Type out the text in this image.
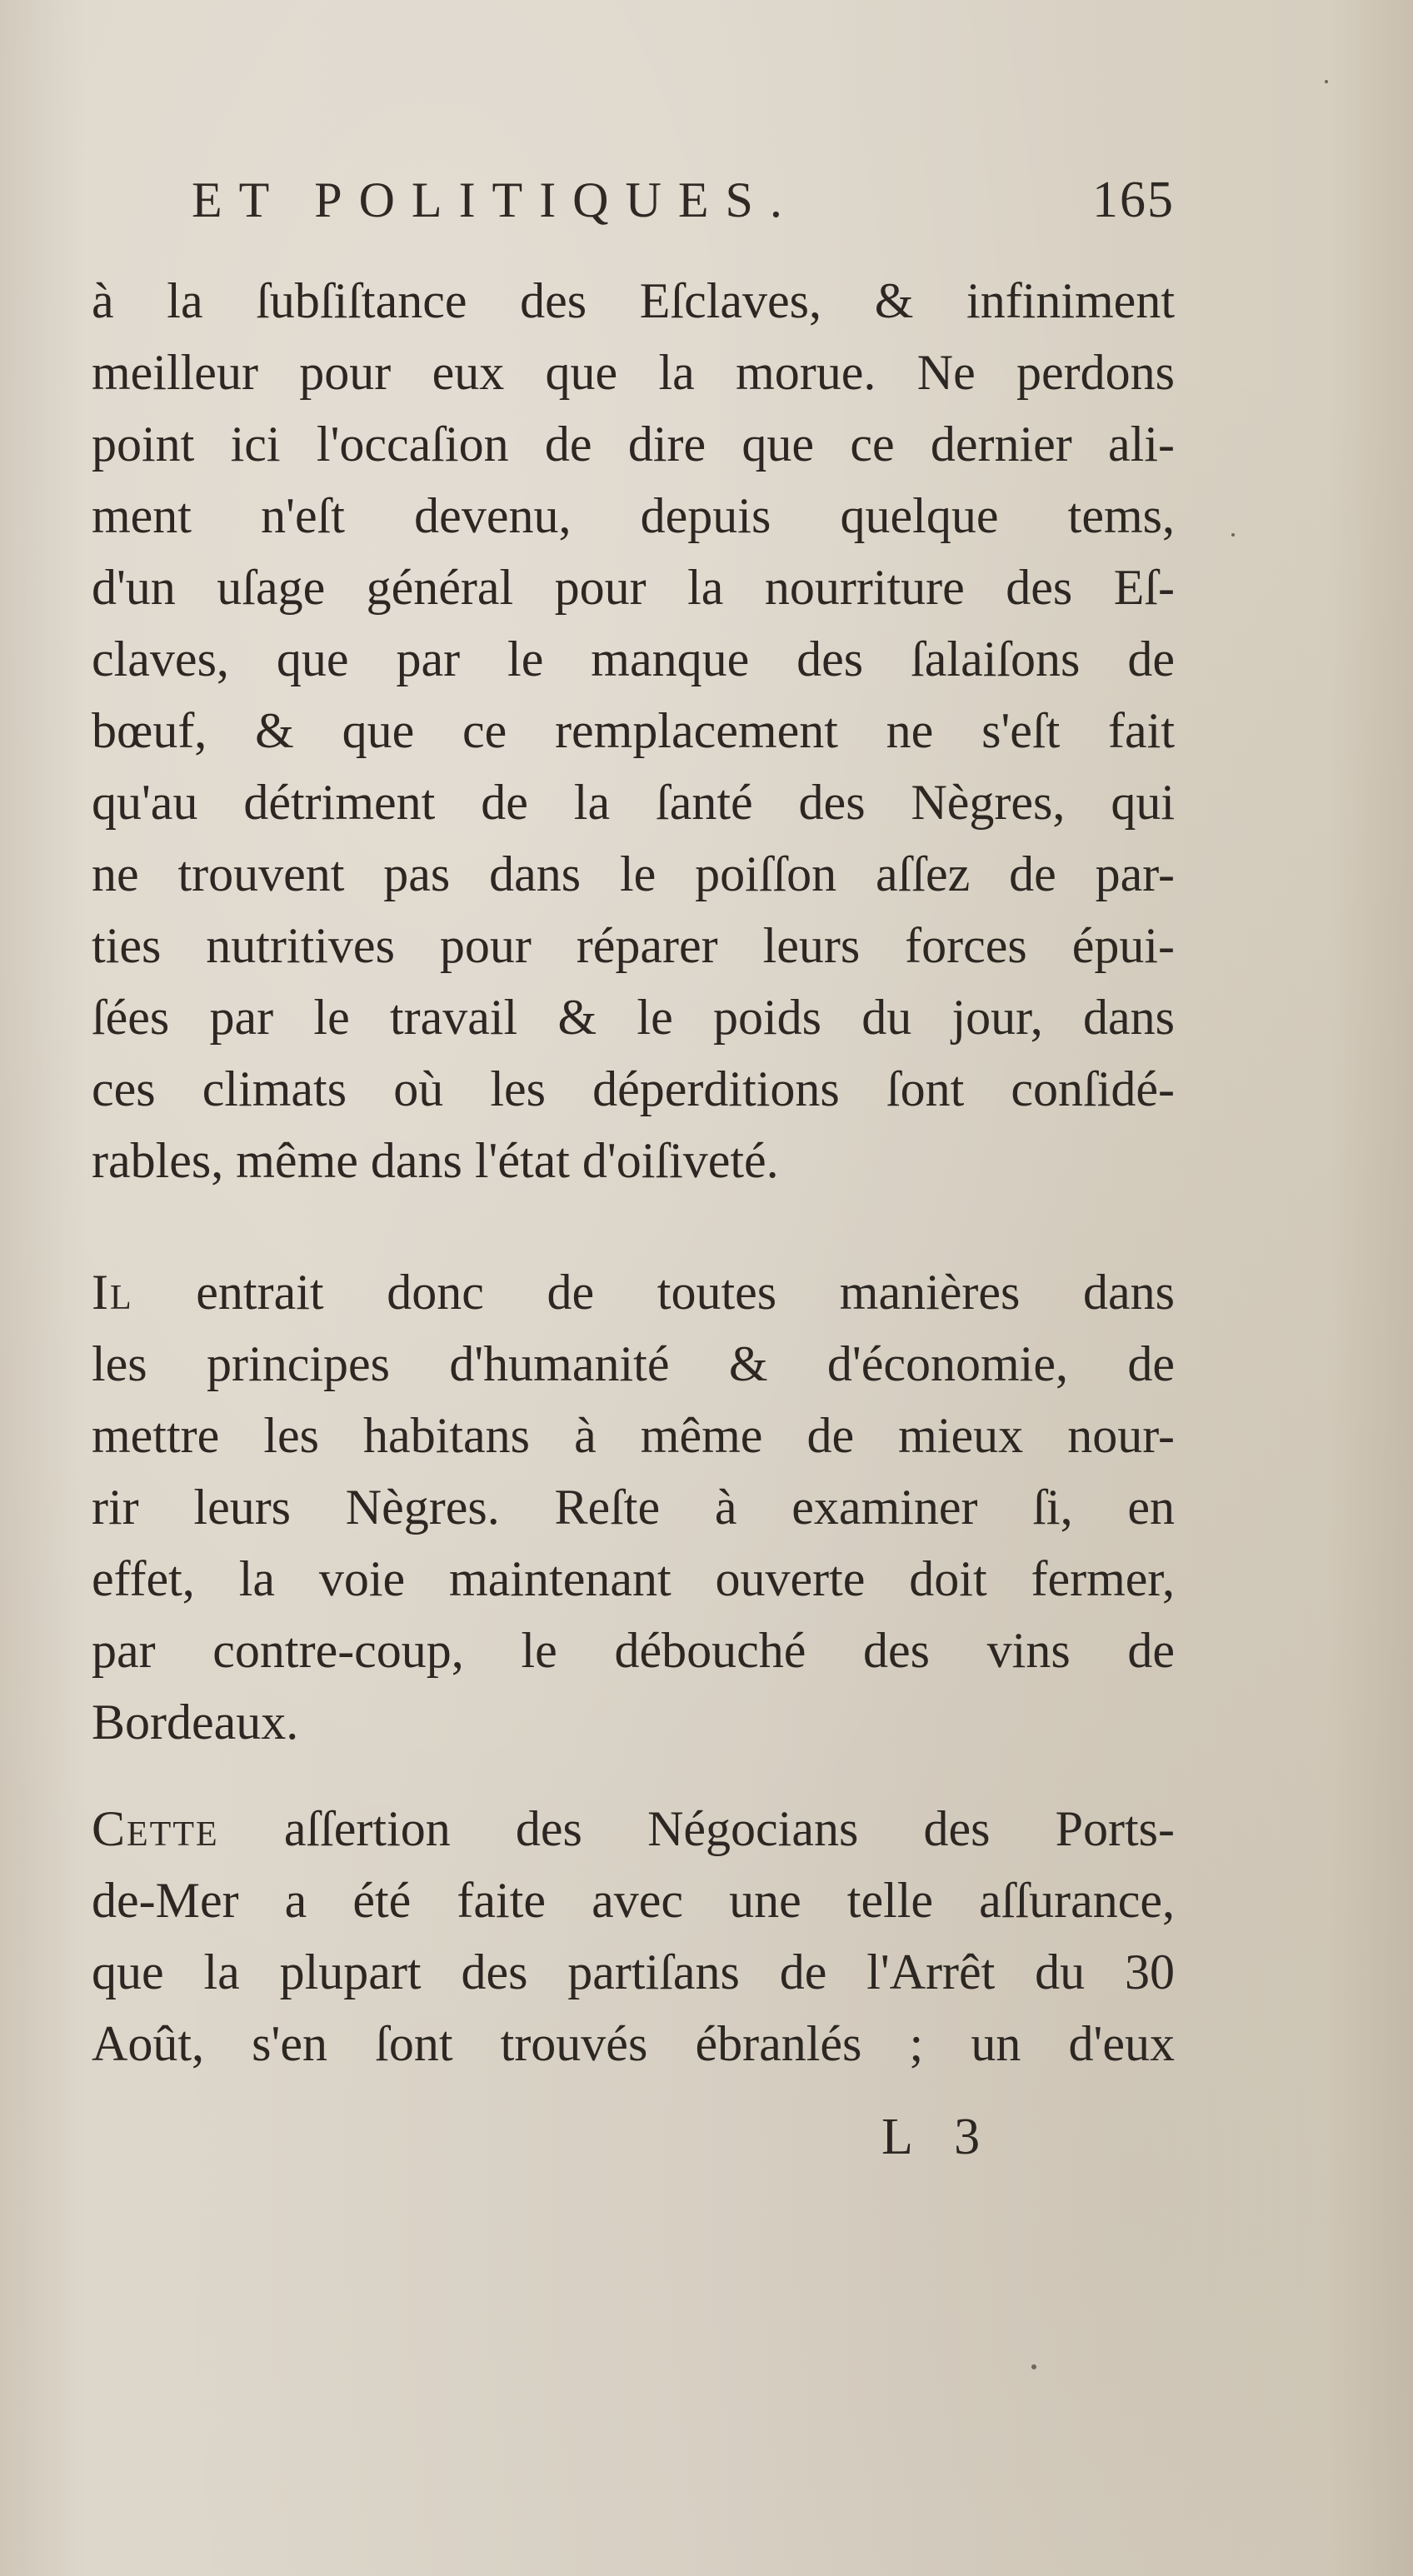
ET POLITIQUES.	165
à la ſubſiſtance des Eſclaves, & infiniment
meilleur pour eux que la morue. Ne perdons
point ici l'occaſion de dire que ce dernier ali-
ment n'eſt devenu, depuis quelque tems,
d'un uſage général pour la nourriture des Eſ-
claves, que par le manque des ſalaiſons de
bœuf, & que ce remplacement ne s'eſt fait
qu'au détriment de la ſanté des Nègres, qui
ne trouvent pas dans le poiſſon aſſez de par-
ties nutritives pour réparer leurs forces épui-
ſées par le travail & le poids du jour, dans
ces climats où les déperditions ſont conſidé-
rables, même dans l'état d'oiſiveté.
Il entrait donc de toutes manières dans
les principes d'humanité & d'économie, de
mettre les habitans à même de mieux nour-
rir leurs Nègres. Reſte à examiner ſi, en
effet, la voie maintenant ouverte doit fermer,
par contre-coup, le débouché des vins de
Bordeaux.
Cette aſſertion des Négocians des Ports-
de-Mer a été faite avec une telle aſſurance,
que la plupart des partiſans de l'Arrêt du 30
Août, s'en ſont trouvés ébranlés ; un d'eux
L 3
